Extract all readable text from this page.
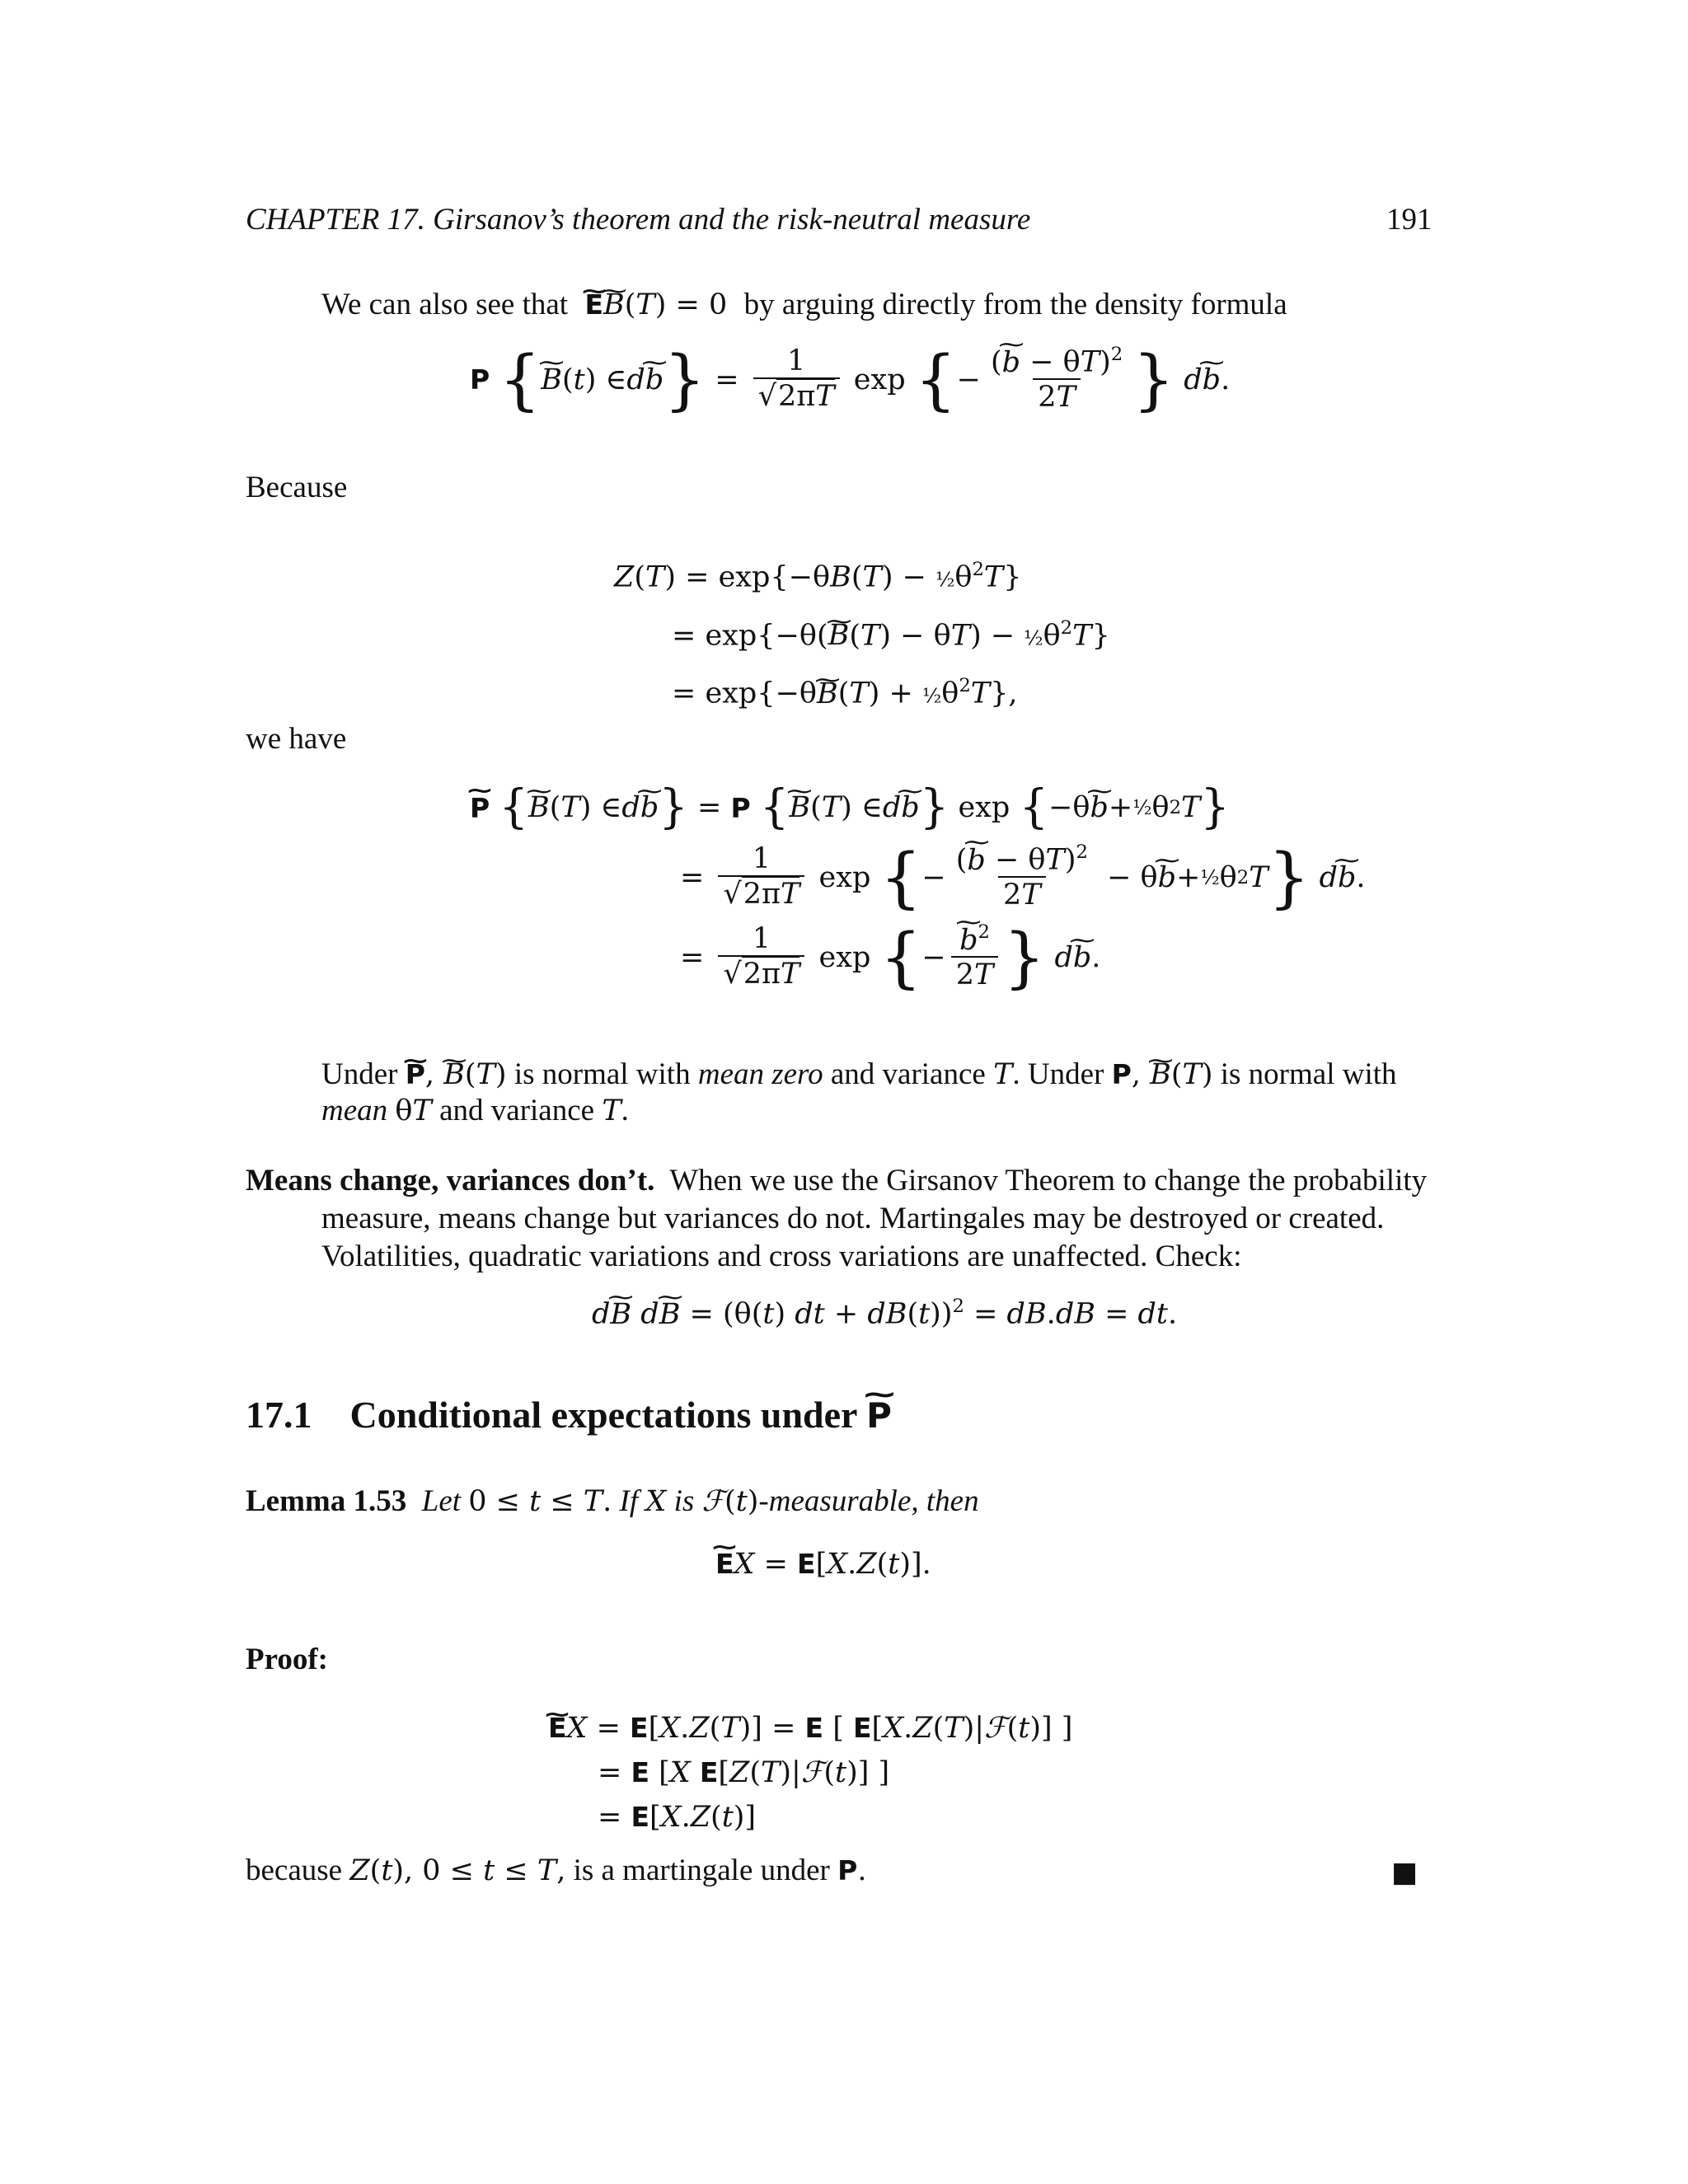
CHAPTER 17. Girsanov’s theorem and the risk-neutral measure	191
We can also see that ~ E~ B(T) = 0  by arguing directly from the density formula
P
{ ~ B ( t ) ∈ d ~ b } = $\frac{1}{√2\pi T}$ exp { − $\frac{(\sim b - \theta T)^2}{2T}$ }
d ~ b .
Because
$Z(T) = \exp\{-\theta B(T) - \frac{1}{2}\theta^2T\}$
= exp{−θ(~ $B(T) - \theta T) - \frac{1}{2}\theta^2T$}
= exp{−θ~ $B(T) + \frac{1}{2}\theta^2T$},
we have
~ P
{ ~ B ( T ) ∈ d ~ b } = P
{ ~ B ( T ) ∈ d ~ b } exp { −θ ~ b + ½ θ 2 T }
= $\frac{1}{√2\pi T}$ exp { − $\frac{(\sim b - \theta T)^2}{2T} - \theta$ ~ b + ½ θ 2 T }
d ~ b .
= $\frac{1}{√2\pi T}$ exp { − ~ $\frac{b^2}{2T}$ }
d ~ b .
Under ~ P, ~ B(T) is normal with mean zero and variance T. Under P, ~ B(T) is normal with
mean θT and variance T.
Means change, variances don’t. When we use the Girsanov Theorem to change the probability
measure, means change but variances do not. Martingales may be destroyed or created.
Volatilities, quadratic variations and cross variations are unaffected. Check:
d~ B d~ B = (θ(t) dt + dB(t))$^2$ = dB.dB = dt.
17.1 Conditional expectations under ~ P
Lemma 1.53 Let 0 ≤ t ≤ T. If X is ℱ(t)-measurable, then
~ EX = E[X.Z(t)].
Proof:
~ EX = E[X.Z(T)] = E [ E[X.Z(T)|ℱ(t)] ]
= E [X E[Z(T)|ℱ(t)] ]
= E[X.Z(t)]
because Z(t), 0 ≤ t ≤ T, is a martingale under P.	■
